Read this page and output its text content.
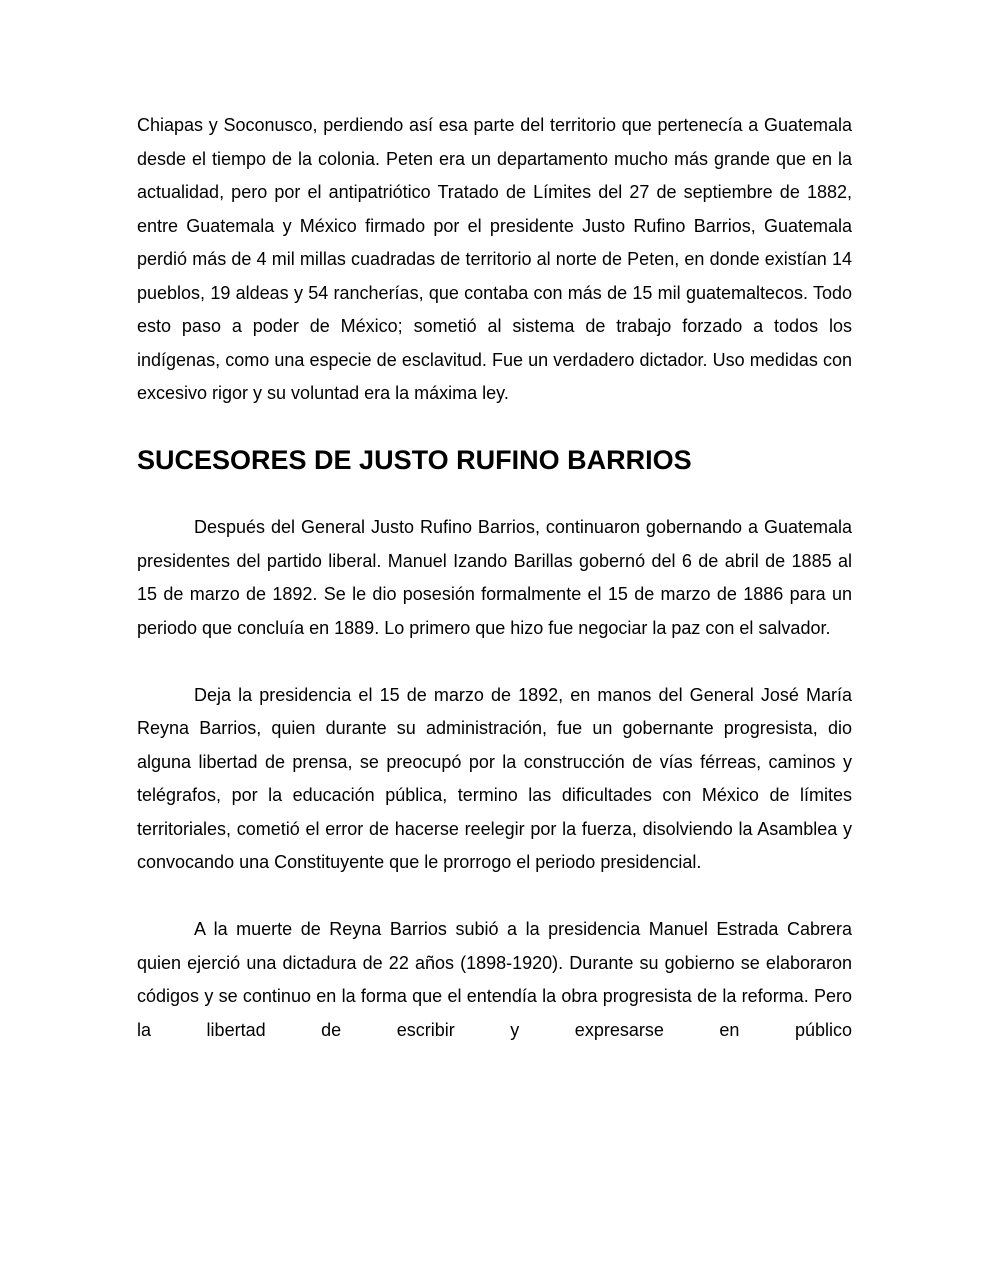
Chiapas y Soconusco, perdiendo así esa parte del territorio que pertenecía a Guatemala desde el tiempo de la colonia. Peten era un departamento mucho más grande que en la actualidad, pero por el antipatriótico Tratado de Límites del 27 de septiembre de 1882, entre Guatemala y México firmado por el presidente Justo Rufino Barrios, Guatemala perdió más de 4 mil millas cuadradas de territorio al norte de Peten, en donde existían 14 pueblos, 19 aldeas y 54 rancherías, que contaba con más de 15 mil guatemaltecos. Todo esto paso a poder de México; sometió al sistema de trabajo forzado a todos los indígenas, como una especie de esclavitud. Fue un verdadero dictador. Uso medidas con excesivo rigor y su voluntad era la máxima ley.

SUCESORES DE JUSTO RUFINO BARRIOS

Después del General Justo Rufino Barrios, continuaron gobernando a Guatemala presidentes del partido liberal. Manuel Izando Barillas gobernó del 6 de abril de 1885 al 15 de marzo de 1892. Se le dio posesión formalmente el 15 de marzo de 1886 para un periodo que concluía en 1889. Lo primero que hizo fue negociar la paz con el salvador.

Deja la presidencia el 15 de marzo de 1892, en manos del General José María Reyna Barrios, quien durante su administración, fue un gobernante progresista, dio alguna libertad de prensa, se preocupó por la construcción de vías férreas, caminos y telégrafos, por la educación pública, termino las dificultades con México de límites territoriales, cometió el error de hacerse reelegir por la fuerza, disolviendo la Asamblea y convocando una Constituyente que le prorrogo el periodo presidencial.

A la muerte de Reyna Barrios subió a la presidencia Manuel Estrada Cabrera quien ejerció una dictadura de 22 años (1898-1920). Durante su gobierno se elaboraron códigos y se continuo en la forma que el entendía la obra progresista de la reforma. Pero la libertad de escribir y expresarse en público
